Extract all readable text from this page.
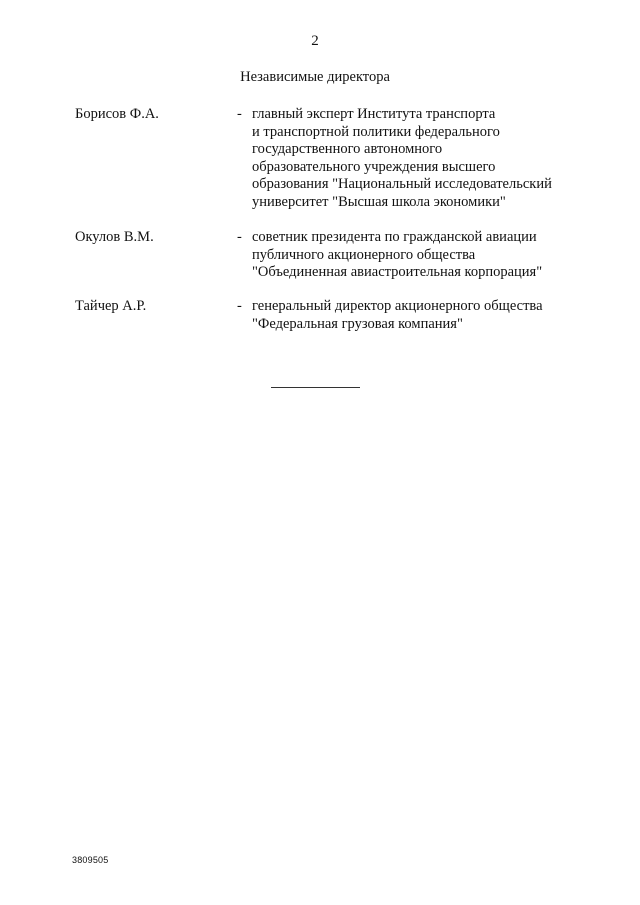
2
Независимые директора
Борисов Ф.А.	- главный эксперт Института транспорта
и транспортной политики федерального
государственного автономного
образовательного учреждения высшего
образования "Национальный исследовательский
университет "Высшая школа экономики"
Окулов В.М.	- советник президента по гражданской авиации
публичного акционерного общества
"Объединенная авиастроительная корпорация"
Тайчер А.Р.	- генеральный директор акционерного общества
"Федеральная грузовая компания"
3809505
